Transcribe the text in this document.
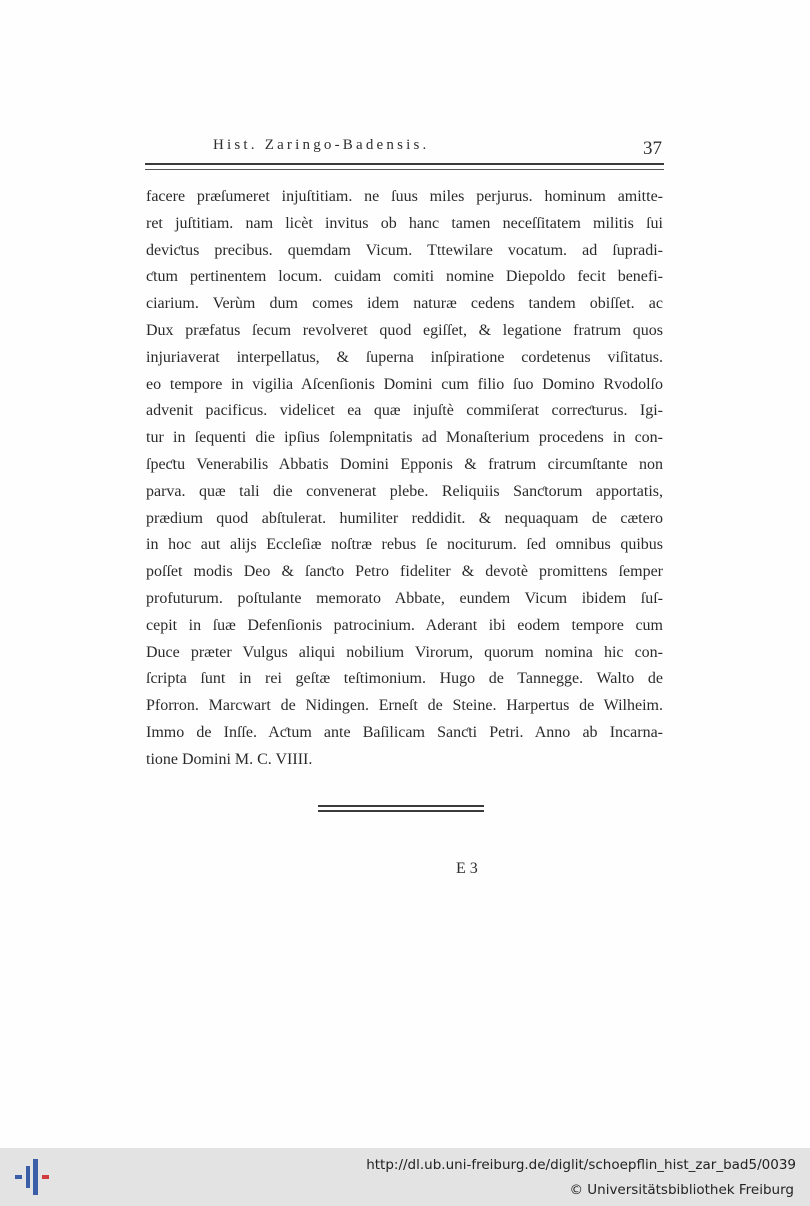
Hist. Zaringo-Badensis.	37
facere præſumeret injuſtitiam. ne ſuus miles perjurus. hominum amitte-
ret juſtitiam. nam licèt invitus ob hanc tamen neceſſitatem militis ſui
deviƈtus precibus. quemdam Vicum. Tttewilare vocatum. ad ſupradi-
ƈtum pertinentem locum. cuidam comiti nomine Diepoldo fecit benefi-
ciarium. Verùm dum comes idem naturæ cedens tandem obiſſet. ac
Dux præfatus ſecum revolveret quod egiſſet, & legatione fratrum quos
injuriaverat interpellatus, & ſuperna inſpiratione cordetenus viſitatus.
eo tempore in vigilia Aſcenſionis Domini cum filio ſuo Domino Rvodolſo
advenit pacificus. videlicet ea quæ injuſtè commiſerat correƈturus. Igi-
tur in ſequenti die ipſius ſolempnitatis ad Monaſterium procedens in con-
ſpeƈtu Venerabilis Abbatis Domini Epponis & fratrum circumſtante non
parva. quæ tali die convenerat plebe. Reliquiis Sanƈtorum apportatis,
prædium quod abſtulerat. humiliter reddidit. & nequaquam de cætero
in hoc aut alijs Eccleſiæ noſtræ rebus ſe nociturum. ſed omnibus quibus
poſſet modis Deo & ſanƈto Petro fideliter & devotè promittens ſemper
profuturum. poſtulante memorato Abbate, eundem Vicum ibidem ſuſ-
cepit in ſuæ Defenſionis patrocinium. Aderant ibi eodem tempore cum
Duce præter Vulgus aliqui nobilium Virorum, quorum nomina hic con-
ſcripta ſunt in rei geſtæ teſtimonium. Hugo de Tannegge. Walto de
Pforron. Marcwart de Nidingen. Erneſt de Steine. Harpertus de Wilheim.
Immo de Inſſe. Aƈtum ante Baſilicam Sanƈti Petri. Anno ab Incarna-
tione Domini M. C. VIIII.
E 3
http://dl.ub.uni-freiburg.de/diglit/schoepflin_hist_zar_bad5/0039
© Universitätsbibliothek Freiburg
